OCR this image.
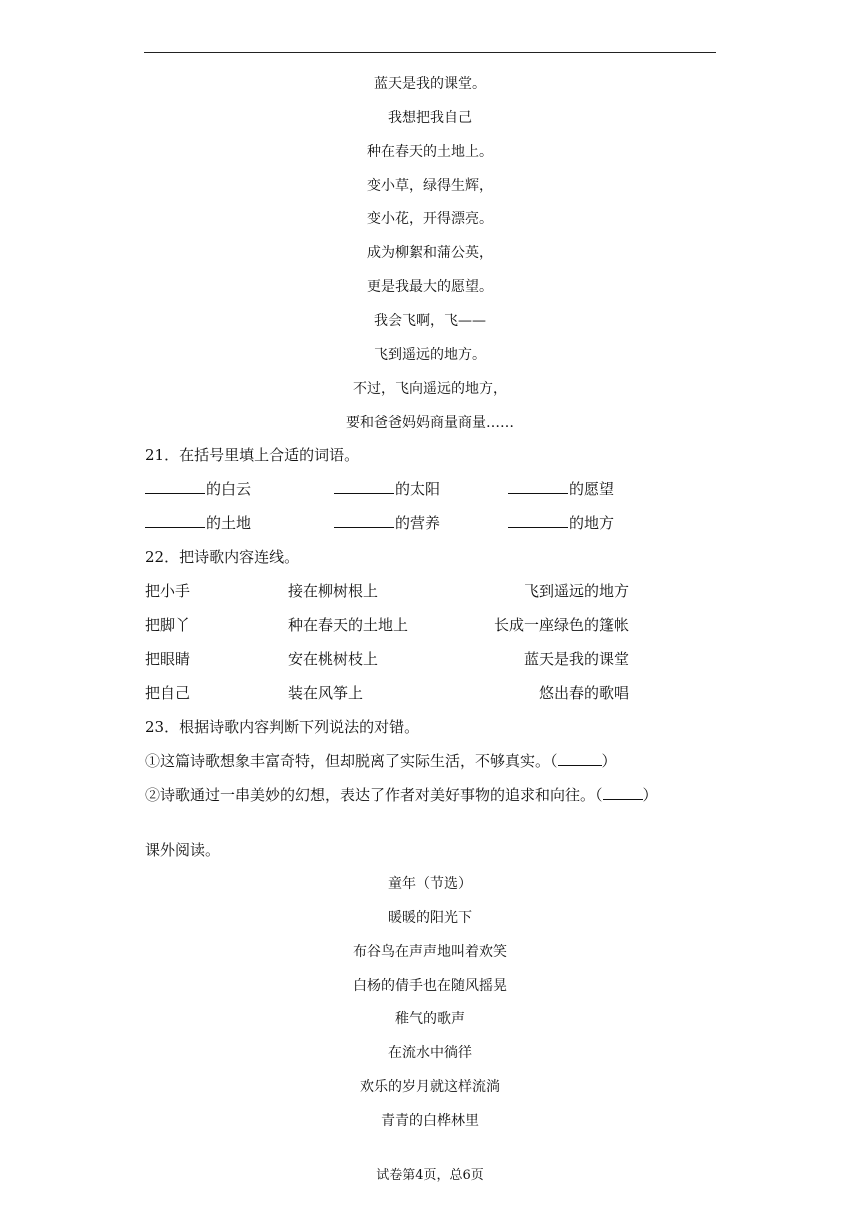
蓝天是我的课堂。
我想把我自己
种在春天的土地上。
变小草，绿得生辉，
变小花，开得漂亮。
成为柳絮和蒲公英，
更是我最大的愿望。
我会飞啊，飞——
飞到遥远的地方。
不过，飞向遥远的地方，
要和爸爸妈妈商量商量……
21．在括号里填上合适的词语。
的白云	的太阳	的愿望
的土地	的营养	的地方
22．把诗歌内容连线。
把小手	接在柳树根上	飞到遥远的地方
把脚丫	种在春天的土地上	长成一座绿色的篷帐
把眼睛	安在桃树枝上	蓝天是我的课堂
把自己	装在风筝上	悠出春的歌唱
23．根据诗歌内容判断下列说法的对错。
①这篇诗歌想象丰富奇特，但却脱离了实际生活，不够真实。（	）
②诗歌通过一串美妙的幻想，表达了作者对美好事物的追求和向往。（	）
课外阅读。
童年（节选）
暖暖的阳光下
布谷鸟在声声地叫着欢笑
白杨的倩手也在随风摇晃
稚气的歌声
在流水中徜徉
欢乐的岁月就这样流淌
青青的白桦林里
试卷第4页，总6页
